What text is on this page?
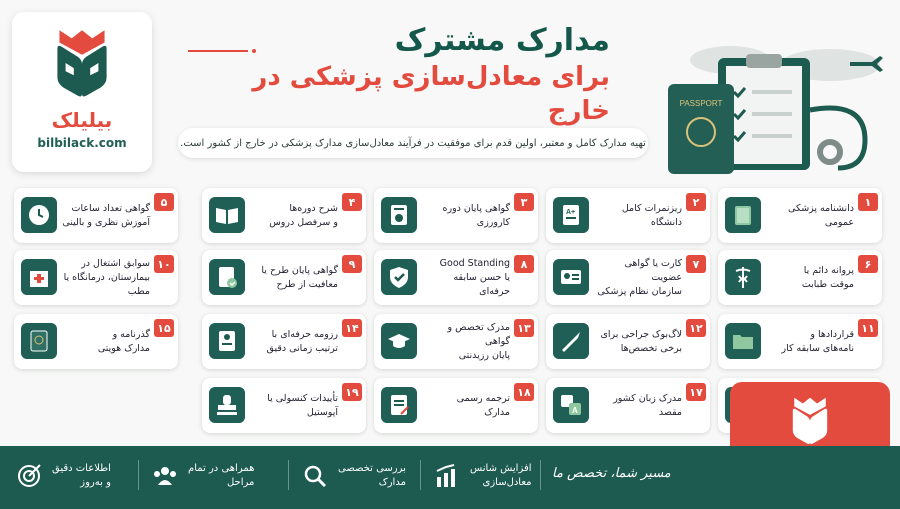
بیلیلک
bilbilack.com
مدارک مشترک
برای معادل‌سازی پزشکی در خارج
تهیه مدارک کامل و معتبر، اولین قدم برای موفقیت در فرآیند معادل‌سازی مدارک پزشکی در خارج از کشور است.
PASSPORT
۱
دانشنامه پزشکی عمومی
۲
ریزنمرات کامل دانشگاه
A+
۳
گواهی پایان دوره کارورزی
۴
شرح دوره‌ها
و سرفصل دروس
۵
گواهی تعداد ساعات
آموزش نظری و بالینی
۶
پروانه دائم یا
موقت طبابت
۷
کارت یا گواهی عضویت
سازمان نظام پزشکی
۸
Good Standing
یا حسن سابقه حرفه‌ای
۹
گواهی پایان طرح یا
معافیت از طرح
۱۰
سوابق اشتغال در
بیمارستان، درمانگاه یا مطب
۱۱
قراردادها و
نامه‌های سابقه کار
۱۲
لاگ‌بوک جراحی برای
برخی تخصص‌ها
۱۳
مدرک تخصص و گواهی
پایان رزیدنتی
۱۴
رزومه حرفه‌ای با
ترتیب زمانی دقیق
۱۵
گذرنامه و
مدارک هویتی
۱۷
مدرک زبان کشور
مقصد
A
۱۸
ترجمه رسمی
مدارک
۱۹
تأییدات کنسولی یا
آپوستیل
مسیر شما، تخصص ما
افزایش شانس
معادل‌سازی
بررسی تخصصی
مدارک
همراهی در تمام
مراحل
اطلاعات دقیق
و به‌روز
